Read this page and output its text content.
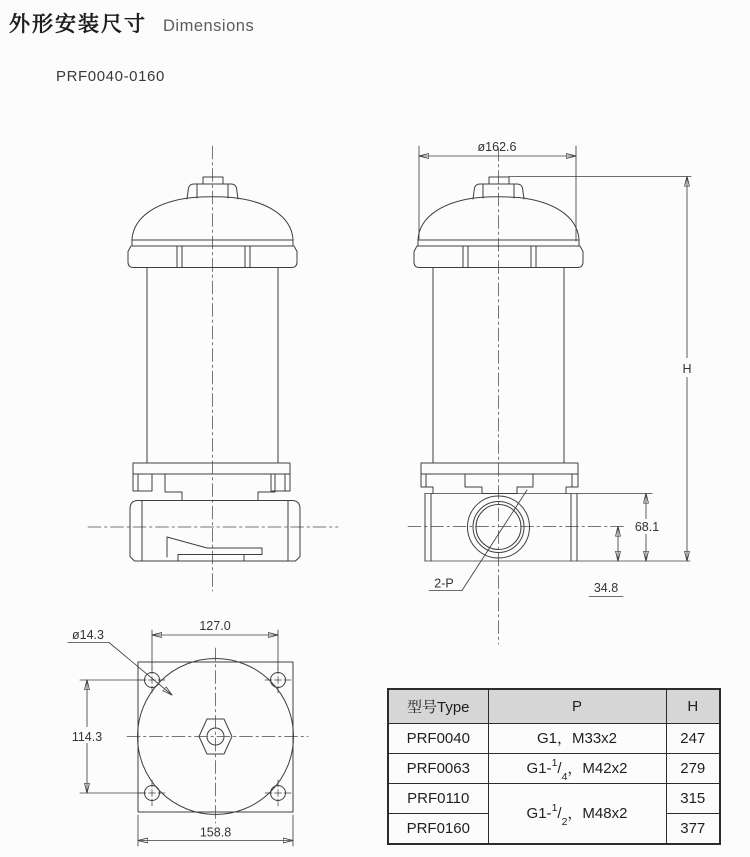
外形安装尺寸 Dimensions
PRF0040-0160
ø162.6
H
68.1
34.8
2-P
127.0
ø14.3
114.3
158.8
型号Type	P	H
PRF0040	G1，M33x2	247
PRF0063	$G1-^1/_4$，M42x2	279
PRF0110	$G1-^1/_2$，M48x2	315
PRF0160		377
